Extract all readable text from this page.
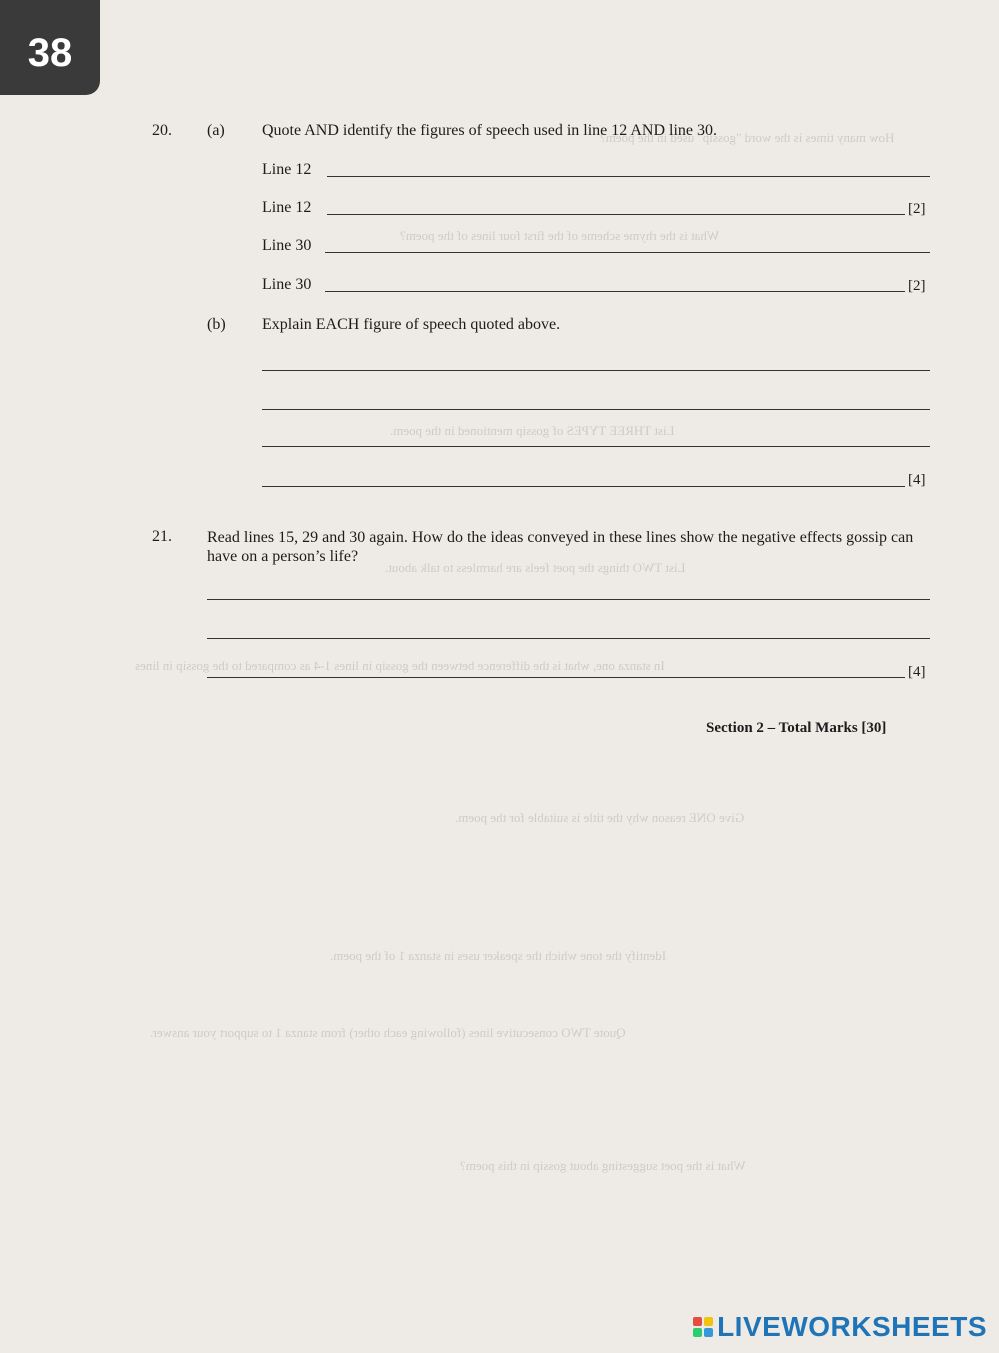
38
How many times is the word "gossip" used in the poem?
What is the rhyme scheme of the first four lines of the poem?
List THREE TYPES of gossip mentioned in the poem.
List TWO things the poet feels are harmless to talk about.
In stanza one, what is the difference between the gossip in lines 1-4 as compared to the gossip in lines
Give ONE reason why the title is suitable for the poem.
Identify the tone which the speaker uses in stanza 1 of the poem.
Quote TWO consecutive lines (following each other) from stanza 1 to support your answer.
What is the poet suggesting about gossip in this poem?
20. (a) Quote AND identify the figures of speech used in line 12 AND line 30.
Line 12
Line 12	[2]
Line 30
Line 30	[2]
(b) Explain EACH figure of speech quoted above.
[4]
21. Read lines 15, 29 and 30 again. How do the ideas conveyed in these lines show the negative effects gossip can have on a person’s life?
[4]
Section 2 – Total Marks [30]
LIVEWORKSHEETS
